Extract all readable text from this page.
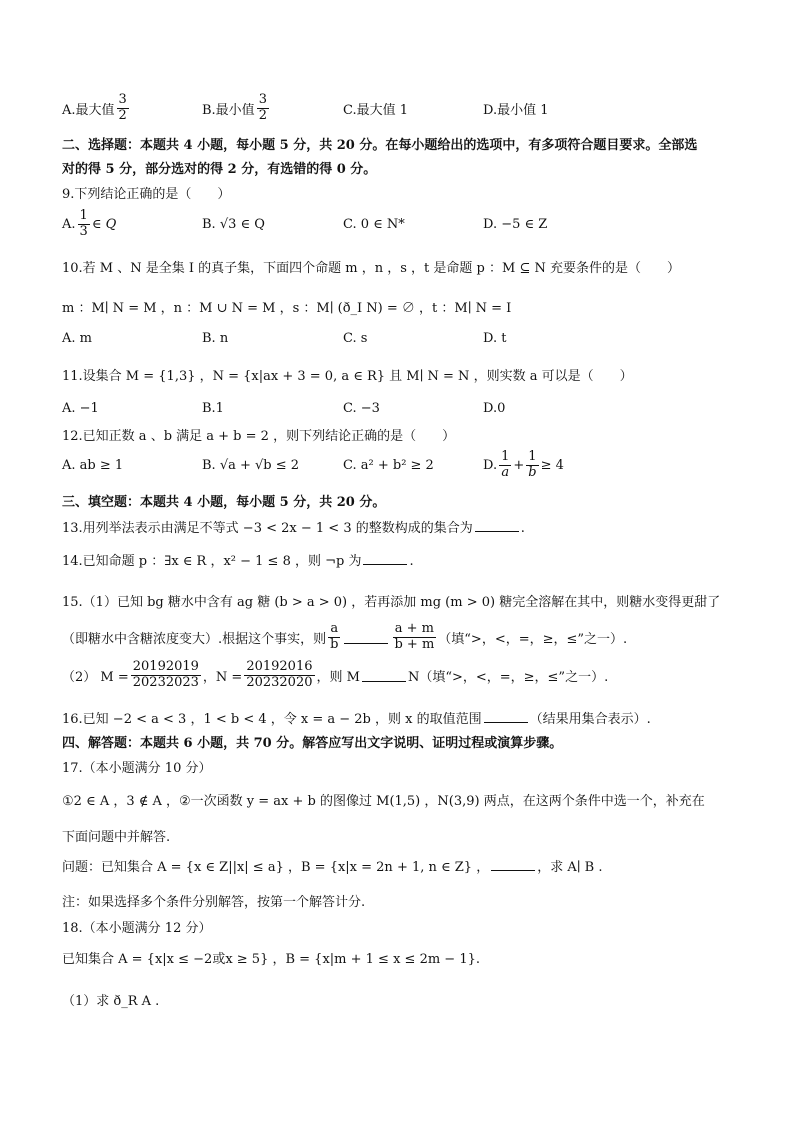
A.最大值 $\frac{3}{2}$	B.最小值 $\frac{3}{2}$	C.最大值 1	D.最小值 1
二、选择题：本题共 4 小题，每小题 5 分，共 20 分。在每小题给出的选项中，有多项符合题目要求。全部选
对的得 5 分，部分选对的得 2 分，有选错的得 0 分。
9.下列结论正确的是（　　）
A. $\frac{1}{3}$ ∈ Q	B. √3 ∈ Q	C. 0 ∈ N*	D. −5 ∈ Z
10.若 M 、N 是全集 I 的真子集，下面四个命题 m ，n ，s ，t 是命题 p ：M ⊆ N 充要条件的是（　　）
m ：M∣ N = M ，n ：M ∪ N = M ，s ：M∣ (ð_I N) = ∅ ，t ：M∣ N = I
A. m	B. n	C. s	D. t
11.设集合 M = {1,3} ，N = {x|ax + 3 = 0, a ∈ R} 且 M∣ N = N ，则实数 a 可以是（　　）
A. −1	B.1	C. −3	D.0
12.已知正数 a 、b 满足 a + b = 2 ，则下列结论正确的是（　　）
A. ab ≥ 1	B. √a + √b ≤ 2	C. a² + b² ≥ 2	D. $\frac{1}{a} + \frac{1}{b} \ge 4$
三、填空题：本题共 4 小题，每小题 5 分，共 20 分。
13.用列举法表示由满足不等式 −3 < 2x − 1 < 3 的整数构成的集合为	.
14.已知命题 p ：∃x ∈ R ，x² − 1 ≤ 8 ，则 ¬p 为	.
15.（1）已知 bg 糖水中含有 ag 糖 (b > a > 0) ，若再添加 mg (m > 0) 糖完全溶解在其中，则糖水变得更甜了
（即糖水中含糖浓度变大）.根据这个事实，则 $\frac{a}{b}$	$\frac{a + m}{b + m}$ （填“>，<，=，≥，≤”之一）.
（2） $M = \frac{20192019}{20232023}$ ，$N = \frac{20192016}{20232020}$ ，则 M	N（填“>，<，=，≥，≤”之一）.
16.已知 −2 < a < 3 ，1 < b < 4 ，令 x = a − 2b ，则 x 的取值范围	（结果用集合表示）.
四、解答题：本题共 6 小题，共 70 分。解答应写出文字说明、证明过程或演算步骤。
17.（本小题满分 10 分）
①2 ∈ A ，3 ∉ A ，②一次函数 y = ax + b 的图像过 M(1,5) ，N(3,9) 两点，在这两个条件中选一个，补充在
下面问题中并解答.
问题：已知集合 A = {x ∈ Z||x| ≤ a} ，B = {x|x = 2n + 1, n ∈ Z} ，	，求 A∣ B .
注：如果选择多个条件分别解答，按第一个解答计分.
18.（本小题满分 12 分）
已知集合 A = {x|x ≤ −2或x ≥ 5} ，B = {x|m + 1 ≤ x ≤ 2m − 1}.
（1）求 ð_R A .
